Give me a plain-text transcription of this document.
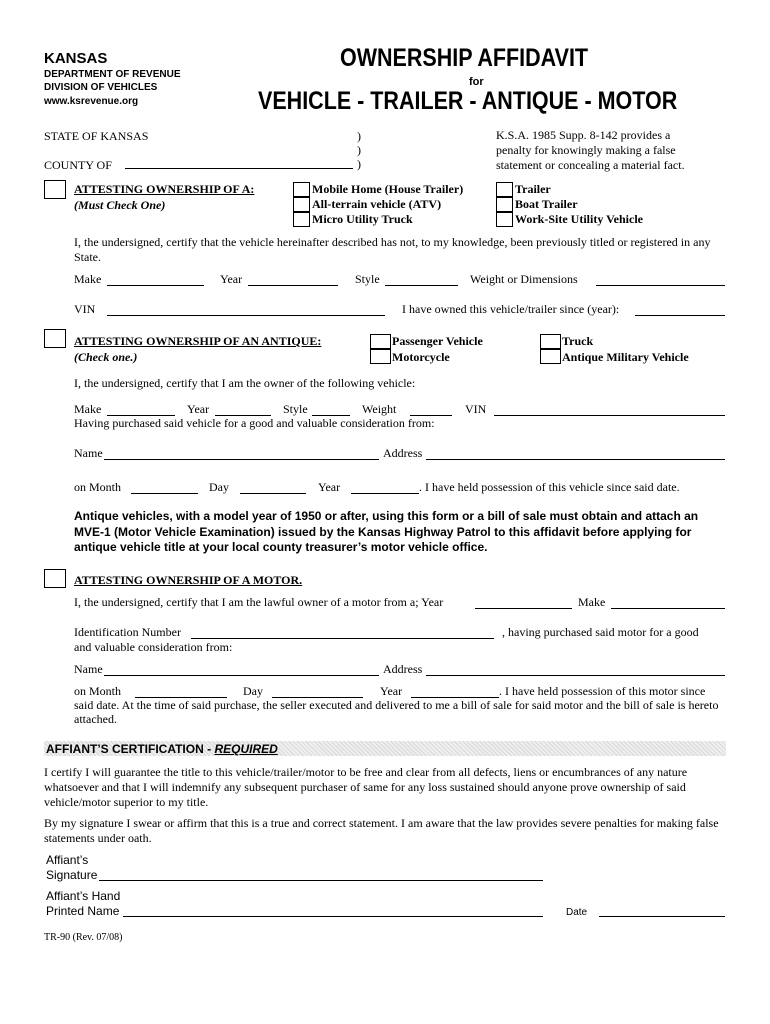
KANSAS
DEPARTMENT OF REVENUE
DIVISION OF VEHICLES
www.ksrevenue.org
OWNERSHIP AFFIDAVIT
for
VEHICLE - TRAILER - ANTIQUE - MOTOR
STATE OF KANSAS
COUNTY OF
)
)
)
K.S.A. 1985 Supp. 8-142 provides a penalty for knowingly making a false statement or concealing a material fact.
ATTESTING OWNERSHIP OF A:
(Must Check One)
Mobile Home (House Trailer)
All-terrain vehicle (ATV)
Micro Utility Truck
Trailer
Boat Trailer
Work-Site Utility Vehicle
I, the undersigned, certify that the vehicle hereinafter described has not, to my knowledge, been previously titled or registered in any State.
Make	Year	Style	Weight or Dimensions
VIN	I have owned this vehicle/trailer since (year):
ATTESTING OWNERSHIP OF AN ANTIQUE:
(Check one.)
Passenger Vehicle
Motorcycle
Truck
Antique Military Vehicle
I, the undersigned, certify that I am the owner of the following vehicle:
Make	Year	Style	Weight	VIN
Having purchased said vehicle for a good and valuable consideration from:
Name	Address
on Month	Day	Year	. I have held possession of this vehicle since said date.
Antique vehicles, with a model year of 1950 or after, using this form or a bill of sale must obtain and attach an MVE-1 (Motor Vehicle Examination) issued by the Kansas Highway Patrol to this affidavit before applying for antique vehicle title at your local county treasurer’s motor vehicle office.
ATTESTING OWNERSHIP OF A MOTOR.
I, the undersigned, certify that I am the lawful owner of a motor from a; Year	Make
Identification Number	, having purchased said motor for a good
and valuable consideration from:
Name	Address
on Month	Day	Year	. I have held possession of this motor since
said date. At the time of said purchase, the seller executed and delivered to me a bill of sale for said motor and the bill of sale is hereto attached.
AFFIANT’S CERTIFICATION - REQUIRED
I certify I will guarantee the title to this vehicle/trailer/motor to be free and clear from all defects, liens or encumbrances of any nature whatsoever and that I will indemnify any subsequent purchaser of same for any loss sustained should anyone prove ownership of said vehicle/motor superior to my title.
By my signature I swear or affirm that this is a true and correct statement. I am aware that the law provides severe penalties for making false statements under oath.
Affiant’s
Signature
Affiant’s Hand
Printed Name	Date
TR-90 (Rev. 07/08)
